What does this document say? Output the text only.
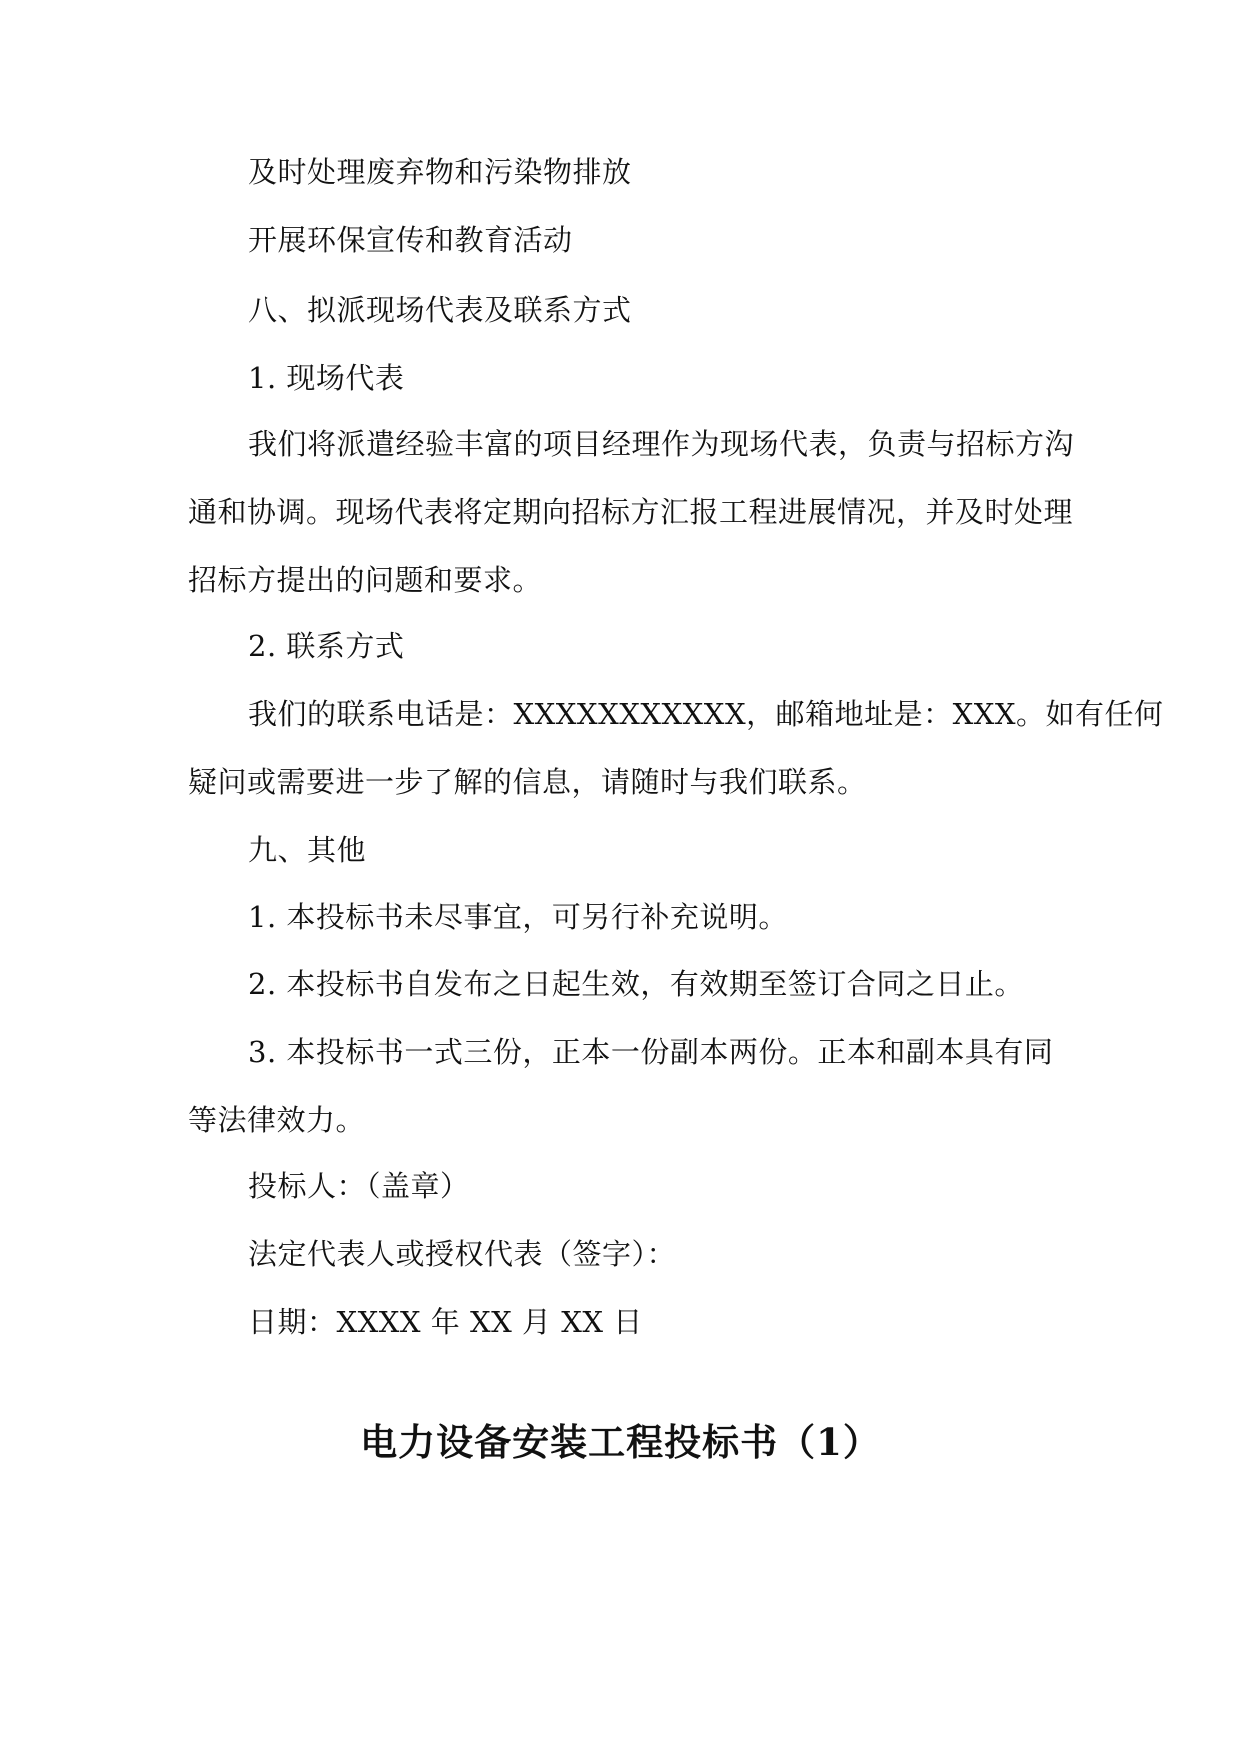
及时处理废弃物和污染物排放
开展环保宣传和教育活动
八、拟派现场代表及联系方式
1. 现场代表
我们将派遣经验丰富的项目经理作为现场代表，负责与招标方沟
通和协调。现场代表将定期向招标方汇报工程进展情况，并及时处理
招标方提出的问题和要求。
2. 联系方式
我们的联系电话是：XXXXXXXXXXX，邮箱地址是：XXX。如有任何
疑问或需要进一步了解的信息，请随时与我们联系。
九、其他
1. 本投标书未尽事宜，可另行补充说明。
2. 本投标书自发布之日起生效，有效期至签订合同之日止。
3. 本投标书一式三份，正本一份副本两份。正本和副本具有同
等法律效力。
投标人：（盖章）
法定代表人或授权代表（签字）：
日期：XXXX 年 XX 月 XX 日
电力设备安装工程投标书（1）
